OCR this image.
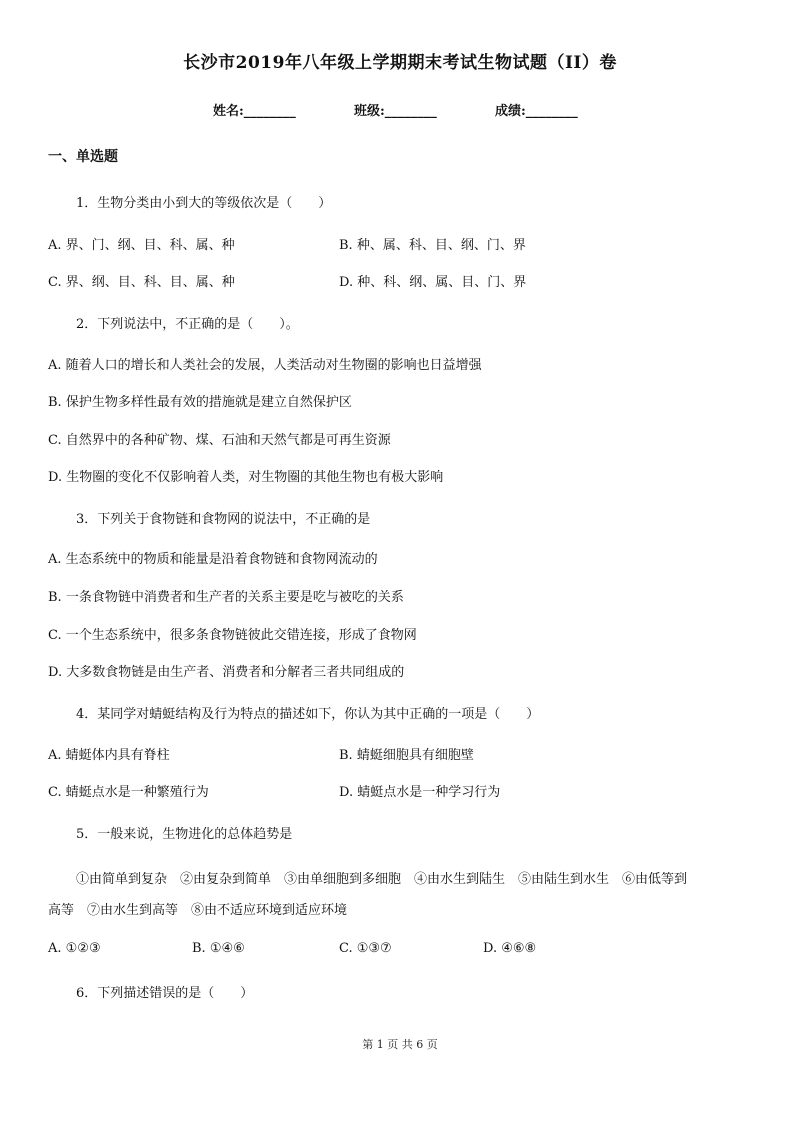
长沙市2019年八年级上学期期末考试生物试题（II）卷
姓名:________	班级:________	成绩:________
一、单选题
1．生物分类由小到大的等级依次是（　　）
A. 界、门、纲、目、科、属、种	B. 种、属、科、目、纲、门、界
C. 界、纲、目、科、目、属、种	D. 种、科、纲、属、目、门、界
2．下列说法中，不正确的是（　　）。
A. 随着人口的增长和人类社会的发展，人类活动对生物圈的影响也日益增强
B. 保护生物多样性最有效的措施就是建立自然保护区
C. 自然界中的各种矿物、煤、石油和天然气都是可再生资源
D. 生物圈的变化不仅影响着人类，对生物圈的其他生物也有极大影响
3．下列关于食物链和食物网的说法中，不正确的是
A. 生态系统中的物质和能量是沿着食物链和食物网流动的
B. 一条食物链中消费者和生产者的关系主要是吃与被吃的关系
C. 一个生态系统中，很多条食物链彼此交错连接，形成了食物网
D. 大多数食物链是由生产者、消费者和分解者三者共同组成的
4．某同学对蜻蜓结构及行为特点的描述如下，你认为其中正确的一项是（　　）
A. 蜻蜓体内具有脊柱	B. 蜻蜓细胞具有细胞壁
C. 蜻蜓点水是一种繁殖行为	D. 蜻蜓点水是一种学习行为
5．一般来说，生物进化的总体趋势是
①由简单到复杂　②由复杂到简单　③由单细胞到多细胞　④由水生到陆生　⑤由陆生到水生　⑥由低等到
高等　⑦由水生到高等　⑧由不适应环境到适应环境
A. ①②③	B. ①④⑥	C. ①③⑦	D. ④⑥⑧
6．下列描述错误的是（　　）
第 1 页 共 6 页
